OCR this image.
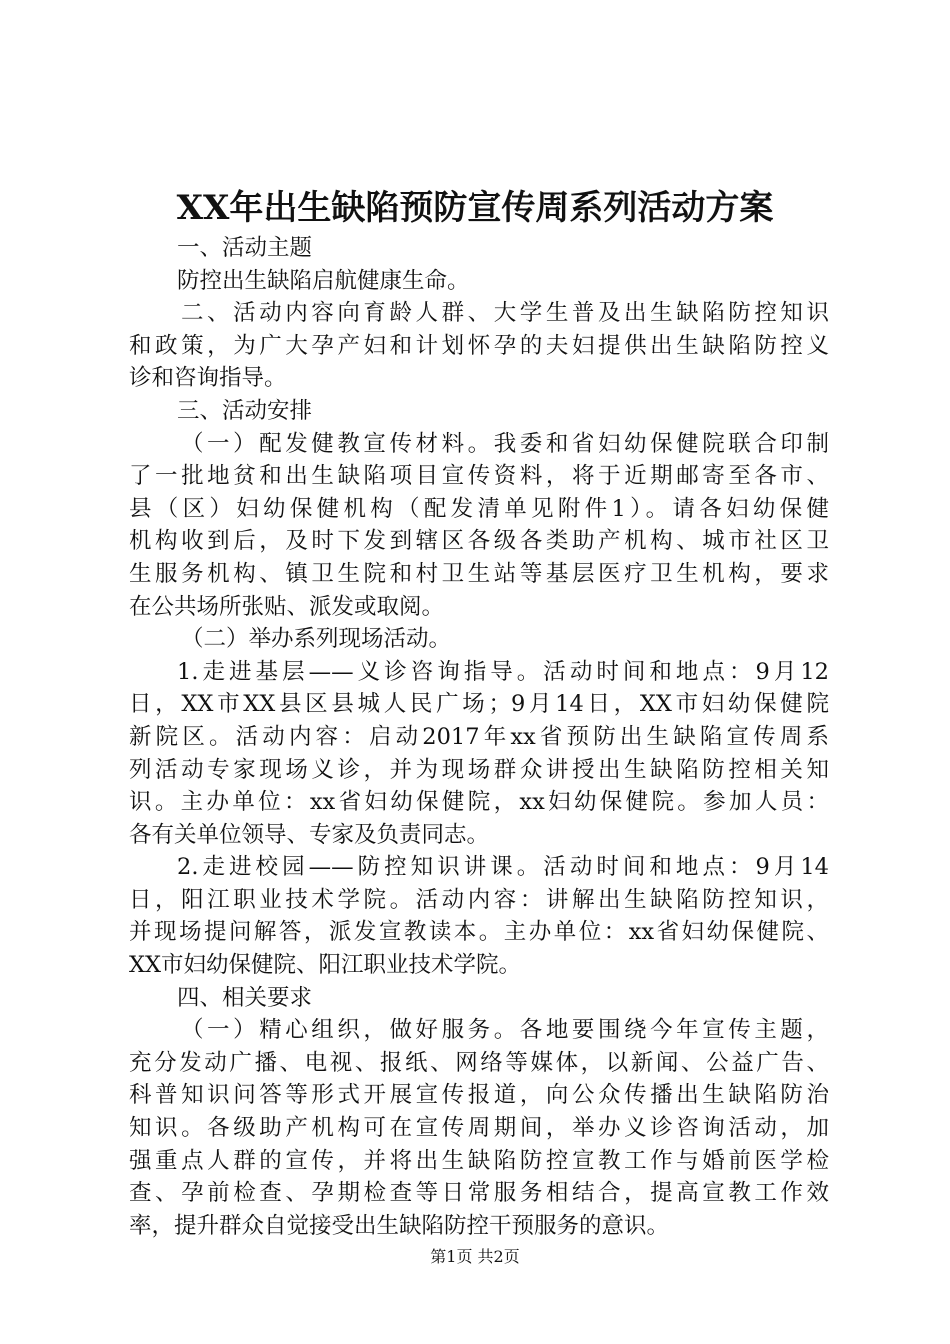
XX年出生缺陷预防宣传周系列活动方案
一、活动主题
防控出生缺陷启航健康生命。
二、活动内容向育龄人群、大学生普及出生缺陷防控知识
和政策，为广大孕产妇和计划怀孕的夫妇提供出生缺陷防控义
诊和咨询指导。
三、活动安排
（一）配发健教宣传材料。我委和省妇幼保健院联合印制
了一批地贫和出生缺陷项目宣传资料，将于近期邮寄至各市、
县（区）妇幼保健机构（配发清单见附件1）。请各妇幼保健
机构收到后，及时下发到辖区各级各类助产机构、城市社区卫
生服务机构、镇卫生院和村卫生站等基层医疗卫生机构，要求
在公共场所张贴、派发或取阅。
（二）举办系列现场活动。
1.走进基层——义诊咨询指导。活动时间和地点：9月12
日，XX市XX县区县城人民广场；9月14日，XX市妇幼保健院
新院区。活动内容：启动2017年xx省预防出生缺陷宣传周系
列活动专家现场义诊，并为现场群众讲授出生缺陷防控相关知
识。主办单位：xx省妇幼保健院，xx妇幼保健院。参加人员：
各有关单位领导、专家及负责同志。
2.走进校园——防控知识讲课。活动时间和地点：9月14
日，阳江职业技术学院。活动内容：讲解出生缺陷防控知识，
并现场提问解答，派发宣教读本。主办单位：xx省妇幼保健院、
XX市妇幼保健院、阳江职业技术学院。
四、相关要求
（一）精心组织，做好服务。各地要围绕今年宣传主题，
充分发动广播、电视、报纸、网络等媒体，以新闻、公益广告、
科普知识问答等形式开展宣传报道，向公众传播出生缺陷防治
知识。各级助产机构可在宣传周期间，举办义诊咨询活动，加
强重点人群的宣传，并将出生缺陷防控宣教工作与婚前医学检
查、孕前检查、孕期检查等日常服务相结合，提高宣教工作效
率，提升群众自觉接受出生缺陷防控干预服务的意识。
第1页 共2页
